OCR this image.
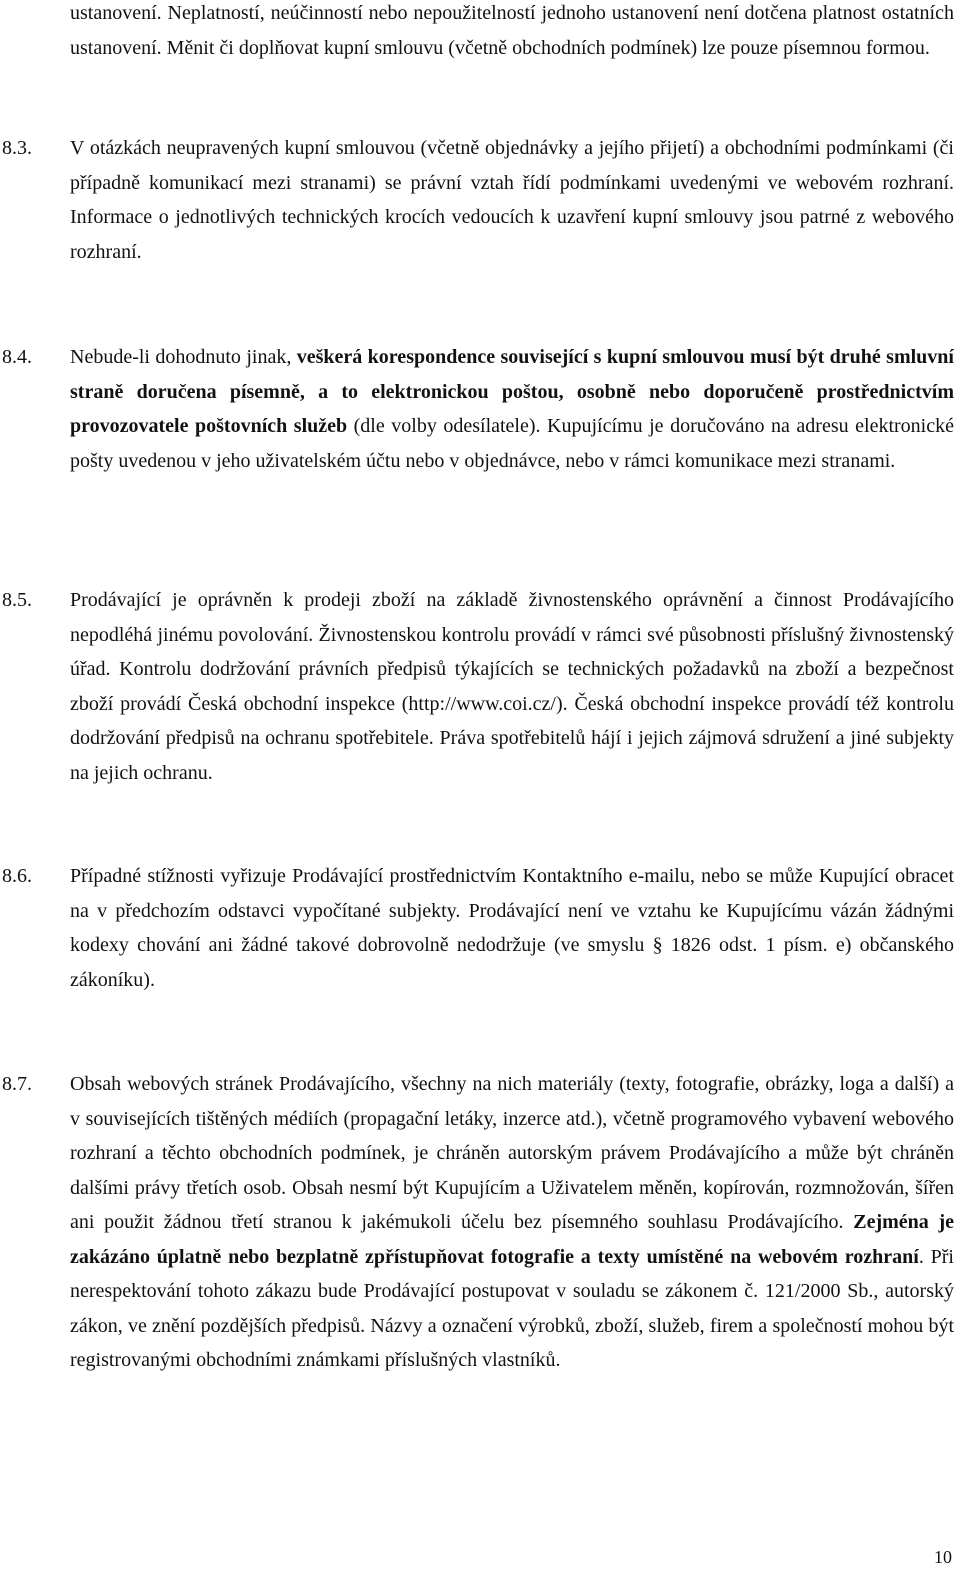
ustanovení. Neplatností, neúčinností nebo nepoužitelností jednoho ustanovení není dotčena platnost ostatních ustanovení. Měnit či doplňovat kupní smlouvu (včetně obchodních podmínek) lze pouze písemnou formou.

8.3. V otázkách neupravených kupní smlouvou (včetně objednávky a jejího přijetí) a obchodními podmínkami (či případně komunikací mezi stranami) se právní vztah řídí podmínkami uvedenými ve webovém rozhraní. Informace o jednotlivých technických krocích vedoucích k uzavření kupní smlouvy jsou patrné z webového rozhraní.

8.4. Nebude-li dohodnuto jinak, veškerá korespondence související s kupní smlouvou musí být druhé smluvní straně doručena písemně, a to elektronickou poštou, osobně nebo doporučeně prostřednictvím provozovatele poštovních služeb (dle volby odesílatele). Kupujícímu je doručováno na adresu elektronické pošty uvedenou v jeho uživatelském účtu nebo v objednávce, nebo v rámci komunikace mezi stranami.

8.5. Prodávající je oprávněn k prodeji zboží na základě živnostenského oprávnění a činnost Prodávajícího nepodléhá jinému povolování. Živnostenskou kontrolu provádí v rámci své působnosti příslušný živnostenský úřad. Kontrolu dodržování právních předpisů týkajících se technických požadavků na zboží a bezpečnost zboží provádí Česká obchodní inspekce (http://www.coi.cz/). Česká obchodní inspekce provádí též kontrolu dodržování předpisů na ochranu spotřebitele. Práva spotřebitelů hájí i jejich zájmová sdružení a jiné subjekty na jejich ochranu.

8.6. Případné stížnosti vyřizuje Prodávající prostřednictvím Kontaktního e-mailu, nebo se může Kupující obracet na v předchozím odstavci vypočítané subjekty. Prodávající není ve vztahu ke Kupujícímu vázán žádnými kodexy chování ani žádné takové dobrovolně nedodržuje (ve smyslu § 1826 odst. 1 písm. e) občanského zákoníku).

8.7. Obsah webových stránek Prodávajícího, všechny na nich materiály (texty, fotografie, obrázky, loga a další) a v souvisejících tištěných médiích (propagační letáky, inzerce atd.), včetně programového vybavení webového rozhraní a těchto obchodních podmínek, je chráněn autorským právem Prodávajícího a může být chráněn dalšími právy třetích osob. Obsah nesmí být Kupujícím a Uživatelem měněn, kopírován, rozmnožován, šířen ani použit žádnou třetí stranou k jakémukoli účelu bez písemného souhlasu Prodávajícího. Zejména je zakázáno úplatně nebo bezplatně zpřístupňovat fotografie a texty umístěné na webovém rozhraní. Při nerespektování tohoto zákazu bude Prodávající postupovat v souladu se zákonem č. 121/2000 Sb., autorský zákon, ve znění pozdějších předpisů. Názvy a označení výrobků, zboží, služeb, firem a společností mohou být registrovanými obchodními známkami příslušných vlastníků.

10
